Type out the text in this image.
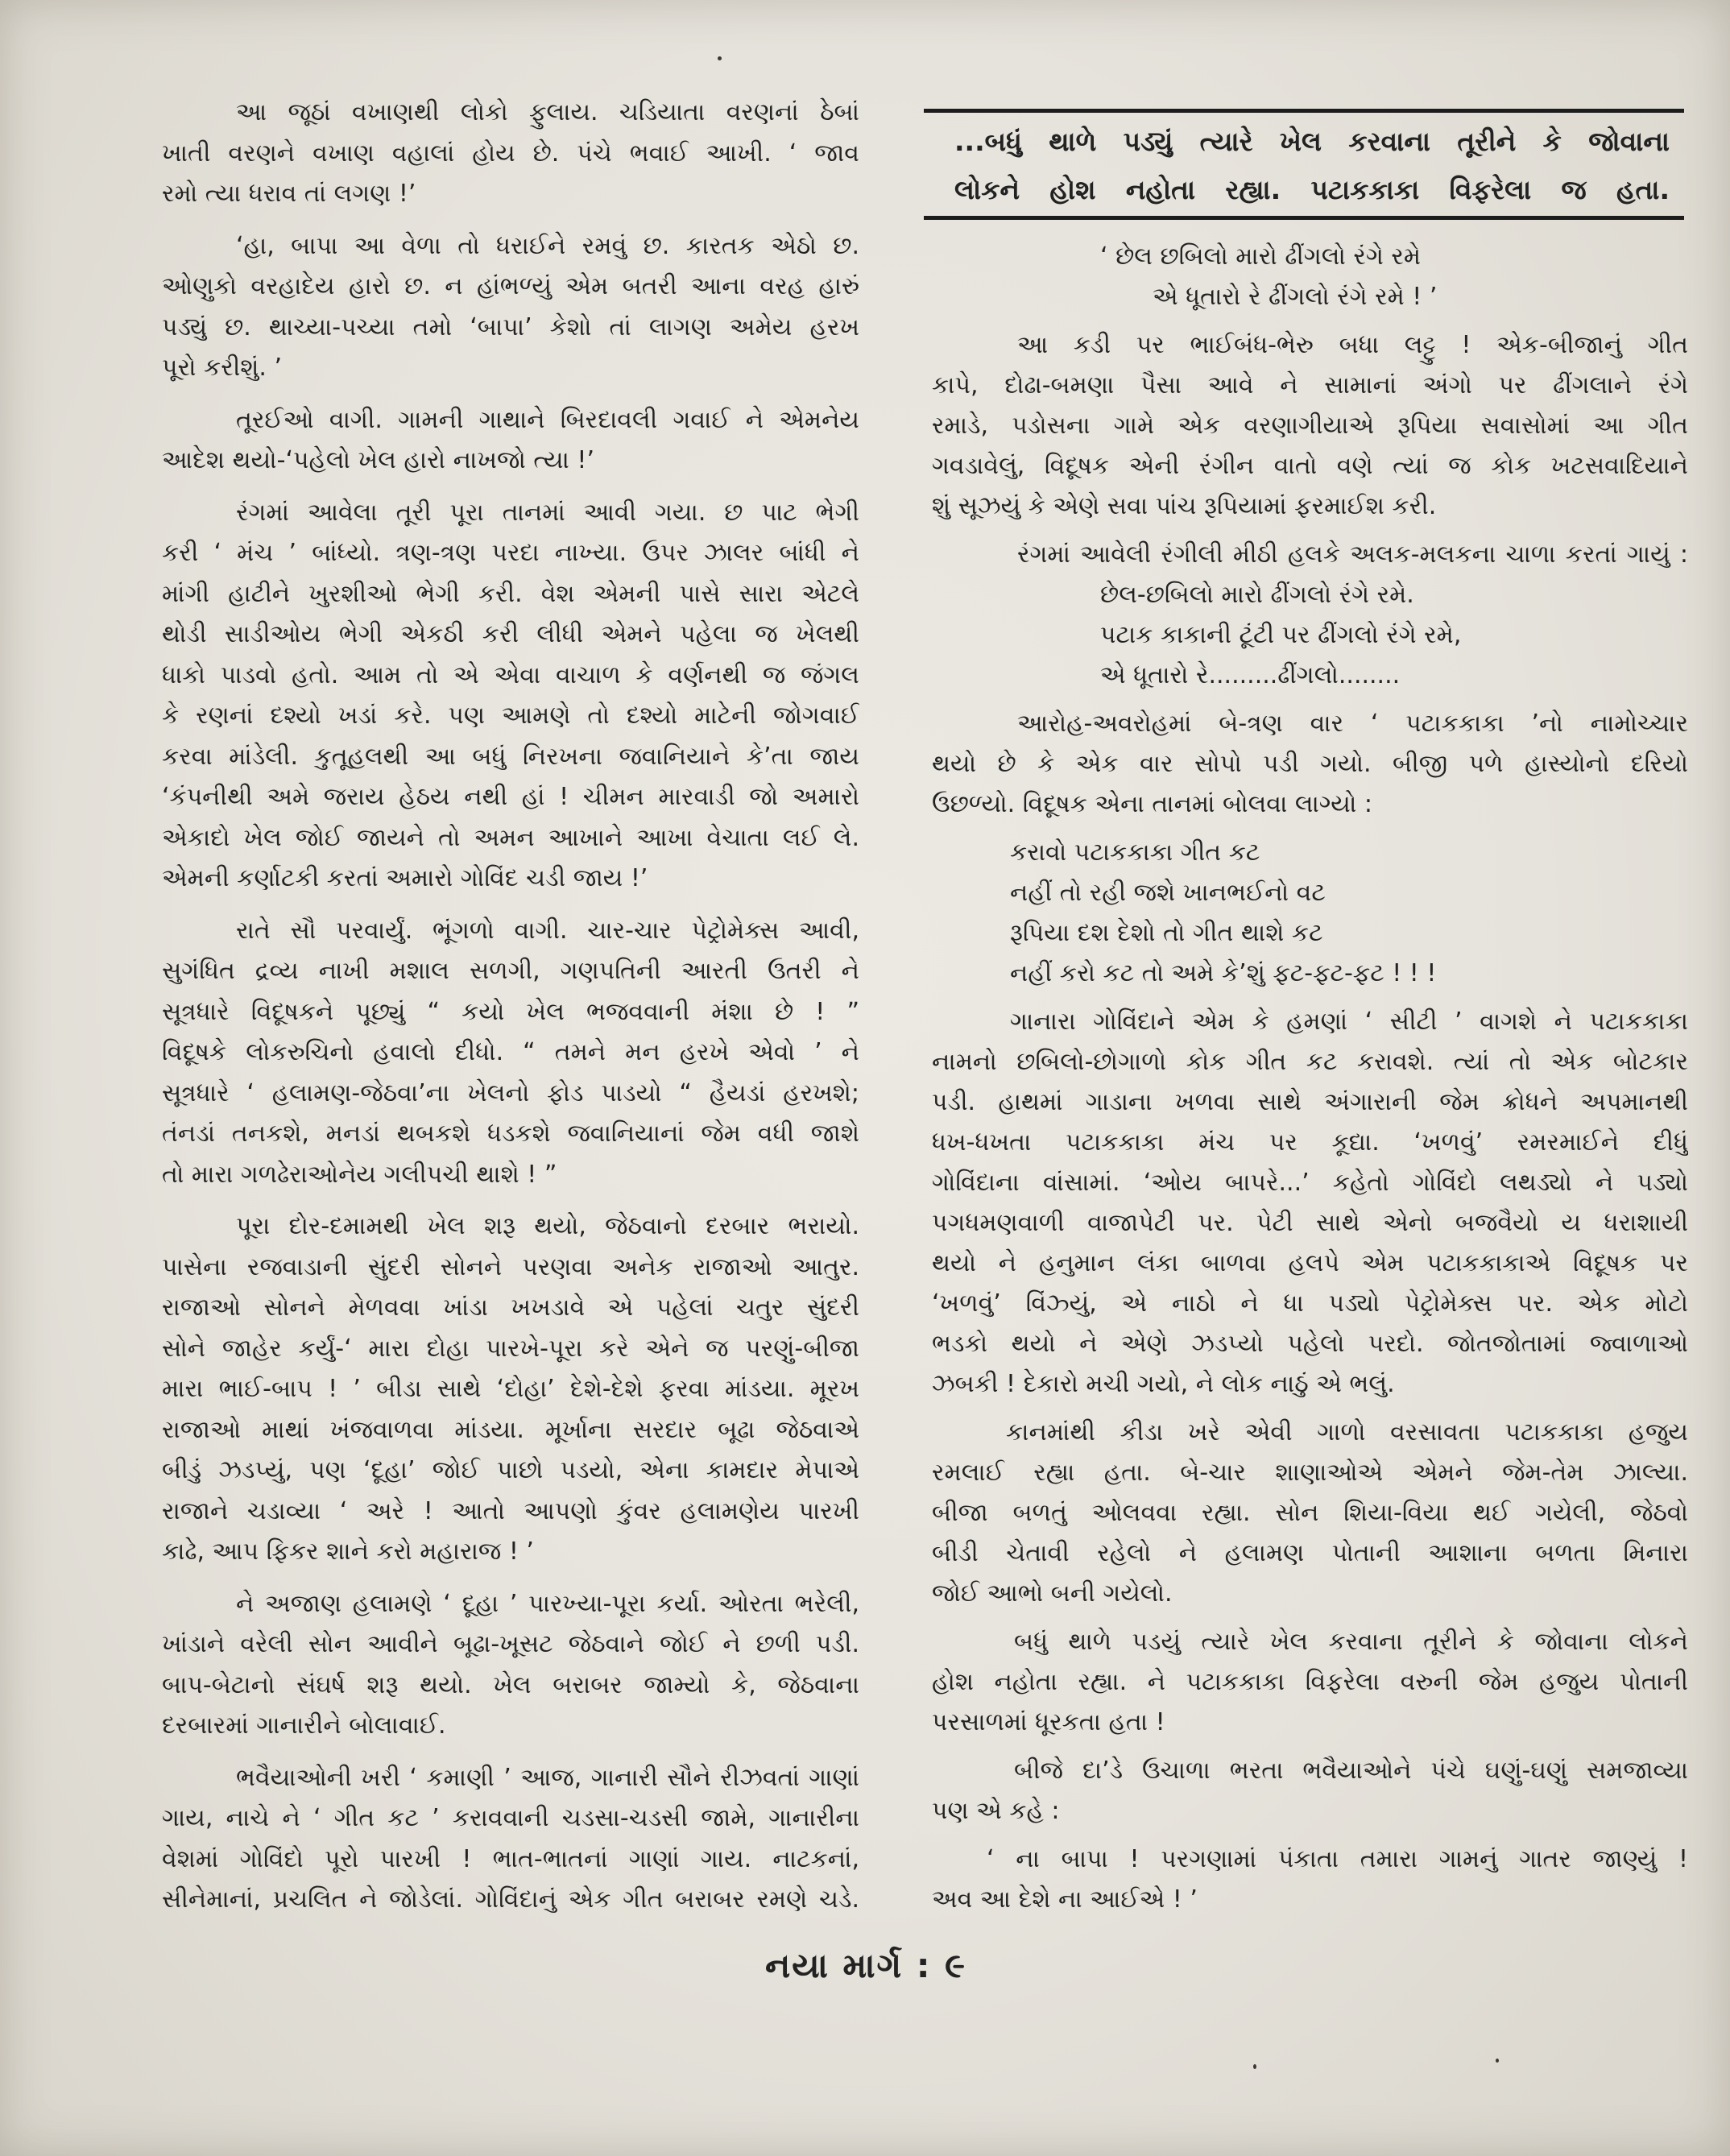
આ જૂઠાં વખાણથી લોકો ફુલાય. ચડિયાતા વરણનાં ઠેબાં
ખાતી વરણને વખાણ વહાલાં હોય છે. પંચે ભવાઈ આખી. ‘ જાવ
રમો ત્યા ધરાવ તાં લગણ !’
‘હા, બાપા આ વેળા તો ધરાઈને રમવું છ. કારતક એઠો છ.
ઓણુકો વરહાદેય હારો છ. ન હાંભળ્યું એમ બતરી આના વરહ હારું
પડ્યું છ. થાચ્યા-પચ્યા તમો ‘બાપા’ કેશો તાં લાગણ અમેય હરખ
પૂરો કરીશું. ’
તૂરઈઓ વાગી. ગામની ગાથાને બિરદાવલી ગવાઈ ને એમનેય
આદેશ થયો-‘પહેલો ખેલ હારો નાખજો ત્યા !’
રંગમાં આવેલા તૂરી પૂરા તાનમાં આવી ગયા. છ પાટ ભેગી
કરી ‘ મંચ ’ બાંધ્યો. ત્રણ-ત્રણ પરદા નાખ્યા. ઉપર ઝાલર બાંધી ને
માંગી હાટીને ખુરશીઓ ભેગી કરી. વેશ એમની પાસે સારા એટલે
થોડી સાડીઓય ભેગી એકઠી કરી લીધી એમને પહેલા જ ખેલથી
ધાકો પાડવો હતો. આમ તો એ એવા વાચાળ કે વર્ણનથી જ જંગલ
કે રણનાં દશ્યો ખડાં કરે. પણ આમણે તો દશ્યો માટેની જોગવાઈ
કરવા માંડેલી. કુતૂહલથી આ બધું નિરખના જવાનિયાને કે’તા જાય
‘કંપનીથી અમે જરાય હેઠય નથી હાં ! ચીમન મારવાડી જો અમારો
એકાદો ખેલ જોઈ જાયને તો અમન આખાને આખા વેચાતા લઈ લે.
એમની કર્ણાટકી કરતાં અમારો ગોવિંદ ચડી જાય !’
રાતે સૌ પરવાર્યું. ભૂંગળો વાગી. ચાર-ચાર પેટ્રોમેક્સ આવી,
સુગંધિત દ્રવ્ય નાખી મશાલ સળગી, ગણપતિની આરતી ઉતરી ને
સૂત્રધારે વિદૂષકને પૂછ્યું “ કયો ખેલ ભજવવાની મંશા છે ! ”
વિદૂષકે લોકરુચિનો હવાલો દીધો. “ તમને મન હરખે એવો ’ ને
સૂત્રધારે ‘ હલામણ-જેઠવા’ના ખેલનો ફોડ પાડયો “ હૈયડાં હરખશે;
તંનડાં તનકશે, મનડાં થબકશે ધડકશે જવાનિયાનાં જેમ વધી જાશે
તો મારા ગળઢેરાઓનેય ગલીપચી થાશે ! ”
પૂરા દોર-દમામથી ખેલ શરૂ થયો, જેઠવાનો દરબાર ભરાયો.
પાસેના રજવાડાની સુંદરી સોનને પરણવા અનેક રાજાઓ આતુર.
રાજાઓ સોનને મેળવવા ખાંડા ખખડાવે એ પહેલાં ચતુર સુંદરી
સોને જાહેર કર્યું-‘ મારા દોહા પારખે-પૂરા કરે એને જ પરણું-બીજા
મારા ભાઈ-બાપ ! ’ બીડા સાથે ‘દોહા’ દેશે-દેશે ફરવા માંડયા. મૂરખ
રાજાઓ માથાં ખંજવાળવા માંડયા. મૂર્ખાના સરદાર બૂઢા જેઠવાએ
બીડું ઝડપ્યું, પણ ‘દૂહા’ જોઈ પાછો પડયો, એના કામદાર મેપાએ
રાજાને ચડાવ્યા ‘ અરે ! આતો આપણો કુંવર હલામણેય પારખી
કાઢે, આપ ફિકર શાને કરો મહારાજ ! ’
ને અજાણ હલામણે ‘ દૂહા ’ પારખ્યા-પૂરા કર્યા. ઓરતા ભરેલી,
ખાંડાને વરેલી સોન આવીને બૂઢા-ખૂસટ જેઠવાને જોઈ ને છળી પડી.
બાપ-બેટાનો સંઘર્ષ શરૂ થયો. ખેલ બરાબર જામ્યો કે, જેઠવાના
દરબારમાં ગાનારીને બોલાવાઈ.
ભવૈયાઓની ખરી ‘ કમાણી ’ આજ, ગાનારી સૌને રીઝવતાં ગાણાં
ગાય, નાચે ને ‘ ગીત કટ ’ કરાવવાની ચડસા-ચડસી જામે, ગાનારીના
વેશમાં ગોવિંદો પૂરો પારખી ! ભાત-ભાતનાં ગાણાં ગાય. નાટકનાં,
સીનેમાનાં, પ્રચલિત ને જોડેલાં. ગોવિંદાનું એક ગીત બરાબર રમણે ચડે.
...બધું થાળે પડ્યું ત્યારે ખેલ કરવાના તૂરીને કે જોવાના
લોકને હોશ નહોતા રહ્યા. પટાકકાકા વિફરેલા જ હતા.
‘ છેલ છબિલો મારો ઢીંગલો રંગે રમે
એ ધૂતારો રે ઢીંગલો રંગે રમે ! ’
આ કડી પર ભાઈબંધ-ભેરુ બધા લટ્ટુ ! એક-બીજાનું ગીત
કાપે, દોઢા-બમણા પૈસા આવે ને સામાનાં અંગો પર ઢીંગલાને રંગે
રમાડે, પડોસના ગામે એક વરણાગીયાએ રૂપિયા સવાસોમાં આ ગીત
ગવડાવેલું, વિદૂષક એની રંગીન વાતો વણે ત્યાં જ કોક ખટસવાદિયાને
શું સૂઝયું કે એણે સવા પાંચ રૂપિયામાં ફરમાઈશ કરી.
રંગમાં આવેલી રંગીલી મીઠી હલકે અલક-મલકના ચાળા કરતાં ગાયું :
છેલ-છબિલો મારો ઢીંગલો રંગે રમે.
પટાક કાકાની ટૂંટી પર ઢીંગલો રંગે રમે,
એ ધૂતારો રે.........ઢીંગલો........
આરોહ-અવરોહમાં બે-ત્રણ વાર ‘ પટાકકાકા ’નો નામોચ્ચાર
થયો છે કે એક વાર સોપો પડી ગયો. બીજી પળે હાસ્યોનો દરિયો
ઉછળ્યો. વિદૂષક એના તાનમાં બોલવા લાગ્યો :
કરાવો પટાકકાકા ગીત કટ
નહીં તો રહી જશે ખાનભઈનો વટ
રૂપિયા દશ દેશો તો ગીત થાશે કટ
નહીં કરો કટ તો અમે કે’શું ફટ-ફટ-ફટ ! ! !
ગાનારા ગોવિંદાને એમ કે હમણાં ‘ સીટી ’ વાગશે ને પટાકકાકા
નામનો છબિલો-છોગાળો કોક ગીત કટ કરાવશે. ત્યાં તો એક બોટકાર
પડી. હાથમાં ગાડાના ખળવા સાથે અંગારાની જેમ ક્રોધને અપમાનથી
ધખ-ધખતા પટાકકાકા મંચ પર કૂદ્યા. ‘ખળવું’ રમરમાઈને દીધું
ગોવિંદાના વાંસામાં. ‘ઓય બાપરે...’ કહેતો ગોવિંદો લથડ્યો ને પડ્યો
પગધમણવાળી વાજાપેટી પર. પેટી સાથે એનો બજવૈયો ય ધરાશાયી
થયો ને હનુમાન લંકા બાળવા હલપે એમ પટાકકાકાએ વિદૂષક પર
‘ખળવું’ વિંઝ્યું, એ નાઠો ને ધા પડ્યો પેટ્રોમેક્સ પર. એક મોટો
ભડકો થયો ને એણે ઝડપ્યો પહેલો પરદો. જોતજોતામાં જ્વાળાઓ
ઝબકી ! દેકારો મચી ગયો, ને લોક નાઠું એ ભલું.
કાનમાંથી કીડા ખરે એવી ગાળો વરસાવતા પટાકકાકા હજુય
રમલાઈ રહ્યા હતા. બે-ચાર શાણાઓએ એમને જેમ-તેમ ઝાલ્યા.
બીજા બળતું ઓલવવા રહ્યા. સોન શિયા-વિયા થઈ ગયેલી, જેઠવો
બીડી ચેતાવી રહેલો ને હલામણ પોતાની આશાના બળતા મિનારા
જોઈ આભો બની ગયેલો.
બધું થાળે પડયું ત્યારે ખેલ કરવાના તૂરીને કે જોવાના લોકને
હોશ નહોતા રહ્યા. ને પટાકકાકા વિફરેલા વરુની જેમ હજુય પોતાની
પરસાળમાં ધૂરકતા હતા !
બીજે દા’ડે ઉચાળા ભરતા ભવૈયાઓને પંચે ઘણું-ઘણું સમજાવ્યા
પણ એ કહે :
‘ ના બાપા ! પરગણામાં પંકાતા તમારા ગામનું ગાતર જાણ્યું !
અવ આ દેશે ના આઈએ ! ’
નયા માર્ગ : ૯
